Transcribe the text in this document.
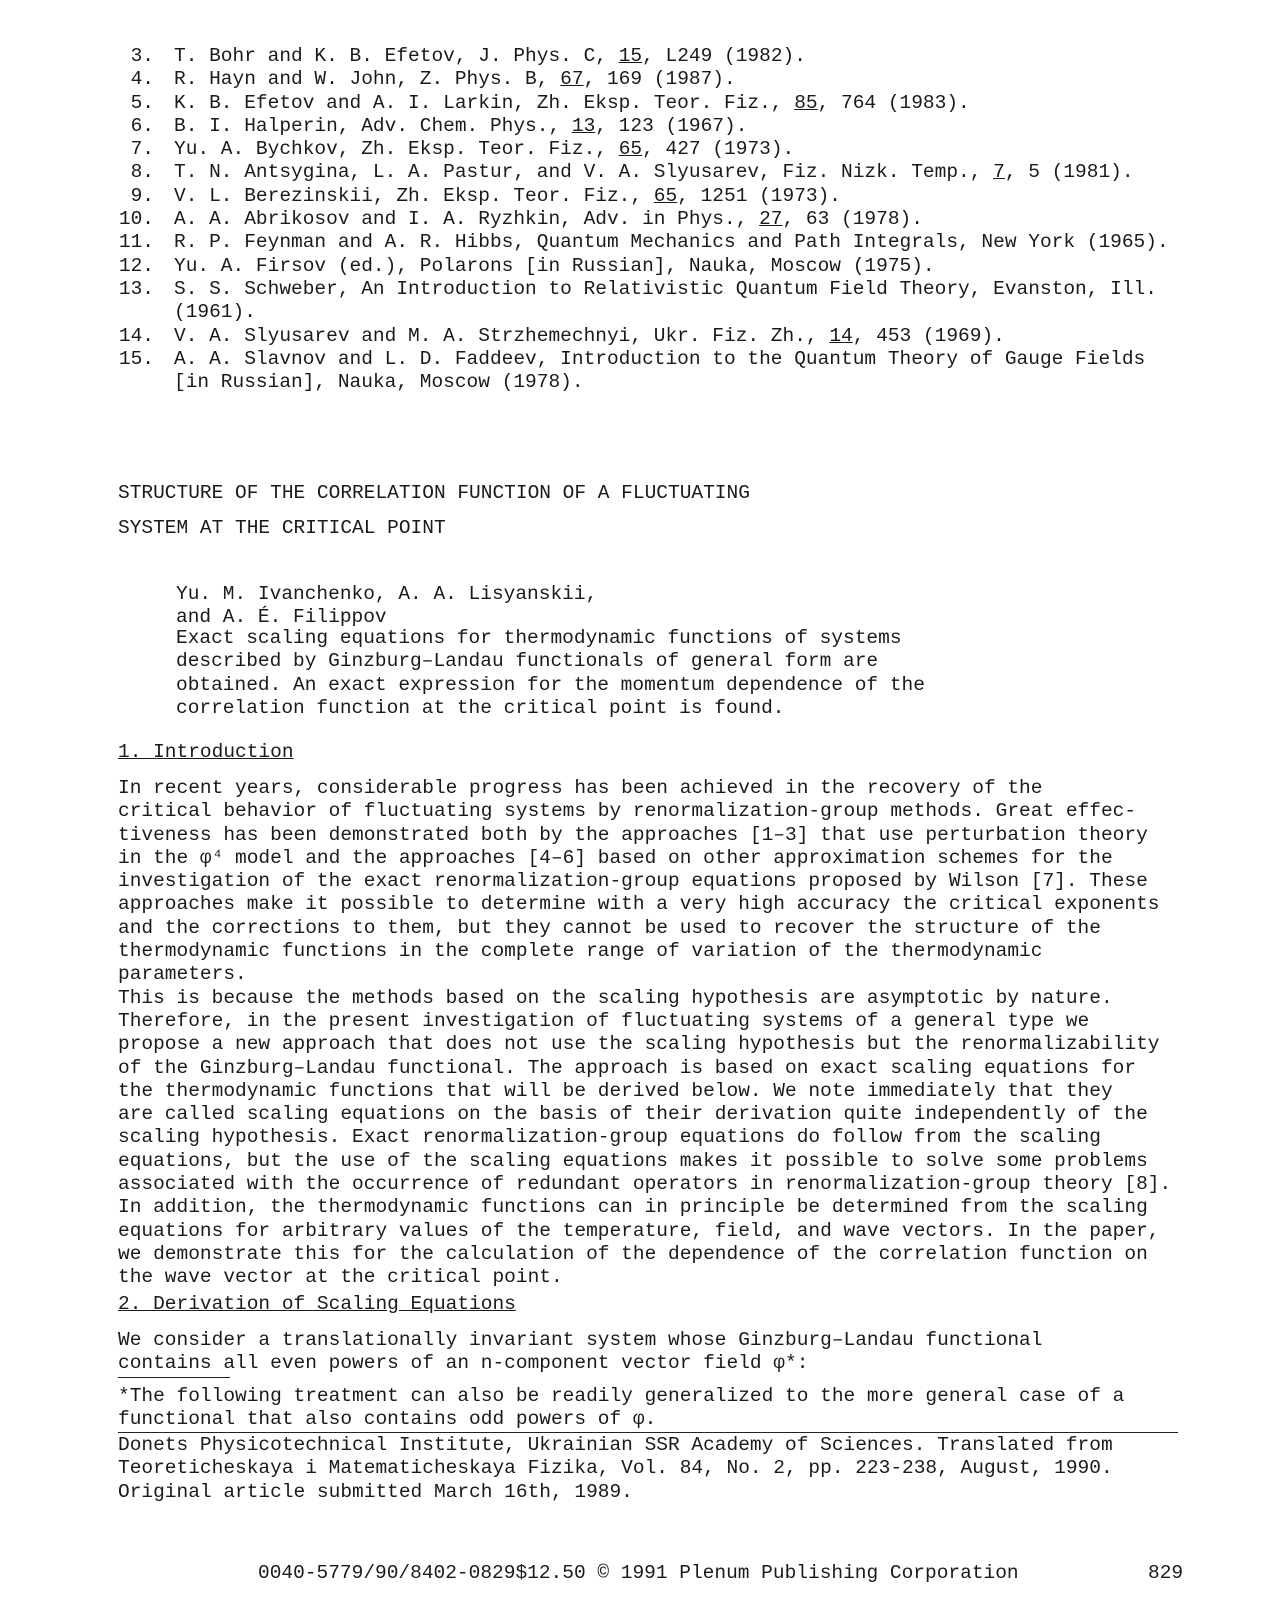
3.	T. Bohr and K. B. Efetov, J. Phys. C, 15, L249 (1982).
4.	R. Hayn and W. John, Z. Phys. B, 67, 169 (1987).
5.	K. B. Efetov and A. I. Larkin, Zh. Eksp. Teor. Fiz., 85, 764 (1983).
6.	B. I. Halperin, Adv. Chem. Phys., 13, 123 (1967).
7.	Yu. A. Bychkov, Zh. Eksp. Teor. Fiz., 65, 427 (1973).
8.	T. N. Antsygina, L. A. Pastur, and V. A. Slyusarev, Fiz. Nizk. Temp., 7, 5 (1981).
9.	V. L. Berezinskii, Zh. Eksp. Teor. Fiz., 65, 1251 (1973).
10.	A. A. Abrikosov and I. A. Ryzhkin, Adv. in Phys., 27, 63 (1978).
11.	R. P. Feynman and A. R. Hibbs, Quantum Mechanics and Path Integrals, New York (1965).
12.	Yu. A. Firsov (ed.), Polarons [in Russian], Nauka, Moscow (1975).
13.	S. S. Schweber, An Introduction to Relativistic Quantum Field Theory, Evanston, Ill. (1961).
14.	V. A. Slyusarev and M. A. Strzhemechnyi, Ukr. Fiz. Zh., 14, 453 (1969).
15.	A. A. Slavnov and L. D. Faddeev, Introduction to the Quantum Theory of Gauge Fields [in Russian], Nauka, Moscow (1978).
STRUCTURE OF THE CORRELATION FUNCTION OF A FLUCTUATING
SYSTEM AT THE CRITICAL POINT
Yu. M. Ivanchenko, A. A. Lisyanskii,
and A. É. Filippov
Exact scaling equations for thermodynamic functions of systems
described by Ginzburg–Landau functionals of general form are
obtained. An exact expression for the momentum dependence of the
correlation function at the critical point is found.
1. Introduction
In recent years, considerable progress has been achieved in the recovery of the
critical behavior of fluctuating systems by renormalization-group methods. Great effec-
tiveness has been demonstrated both by the approaches [1–3] that use perturbation theory
in the φ⁴ model and the approaches [4–6] based on other approximation schemes for the
investigation of the exact renormalization-group equations proposed by Wilson [7]. These
approaches make it possible to determine with a very high accuracy the critical exponents
and the corrections to them, but they cannot be used to recover the structure of the
thermodynamic functions in the complete range of variation of the thermodynamic parameters.
This is because the methods based on the scaling hypothesis are asymptotic by nature.
Therefore, in the present investigation of fluctuating systems of a general type we
propose a new approach that does not use the scaling hypothesis but the renormalizability
of the Ginzburg–Landau functional. The approach is based on exact scaling equations for
the thermodynamic functions that will be derived below. We note immediately that they
are called scaling equations on the basis of their derivation quite independently of the
scaling hypothesis. Exact renormalization-group equations do follow from the scaling
equations, but the use of the scaling equations makes it possible to solve some problems
associated with the occurrence of redundant operators in renormalization-group theory [8].
In addition, the thermodynamic functions can in principle be determined from the scaling
equations for arbitrary values of the temperature, field, and wave vectors. In the paper,
we demonstrate this for the calculation of the dependence of the correlation function on
the wave vector at the critical point.
2. Derivation of Scaling Equations
We consider a translationally invariant system whose Ginzburg–Landau functional
contains all even powers of an n-component vector field φ*:
*The following treatment can also be readily generalized to the more general case of a
functional that also contains odd powers of φ.
Donets Physicotechnical Institute, Ukrainian SSR Academy of Sciences. Translated from
Teoreticheskaya i Matematicheskaya Fizika, Vol. 84, No. 2, pp. 223-238, August, 1990.
Original article submitted March 16th, 1989.
0040-5779/90/8402-0829$12.50 © 1991 Plenum Publishing Corporation	829
